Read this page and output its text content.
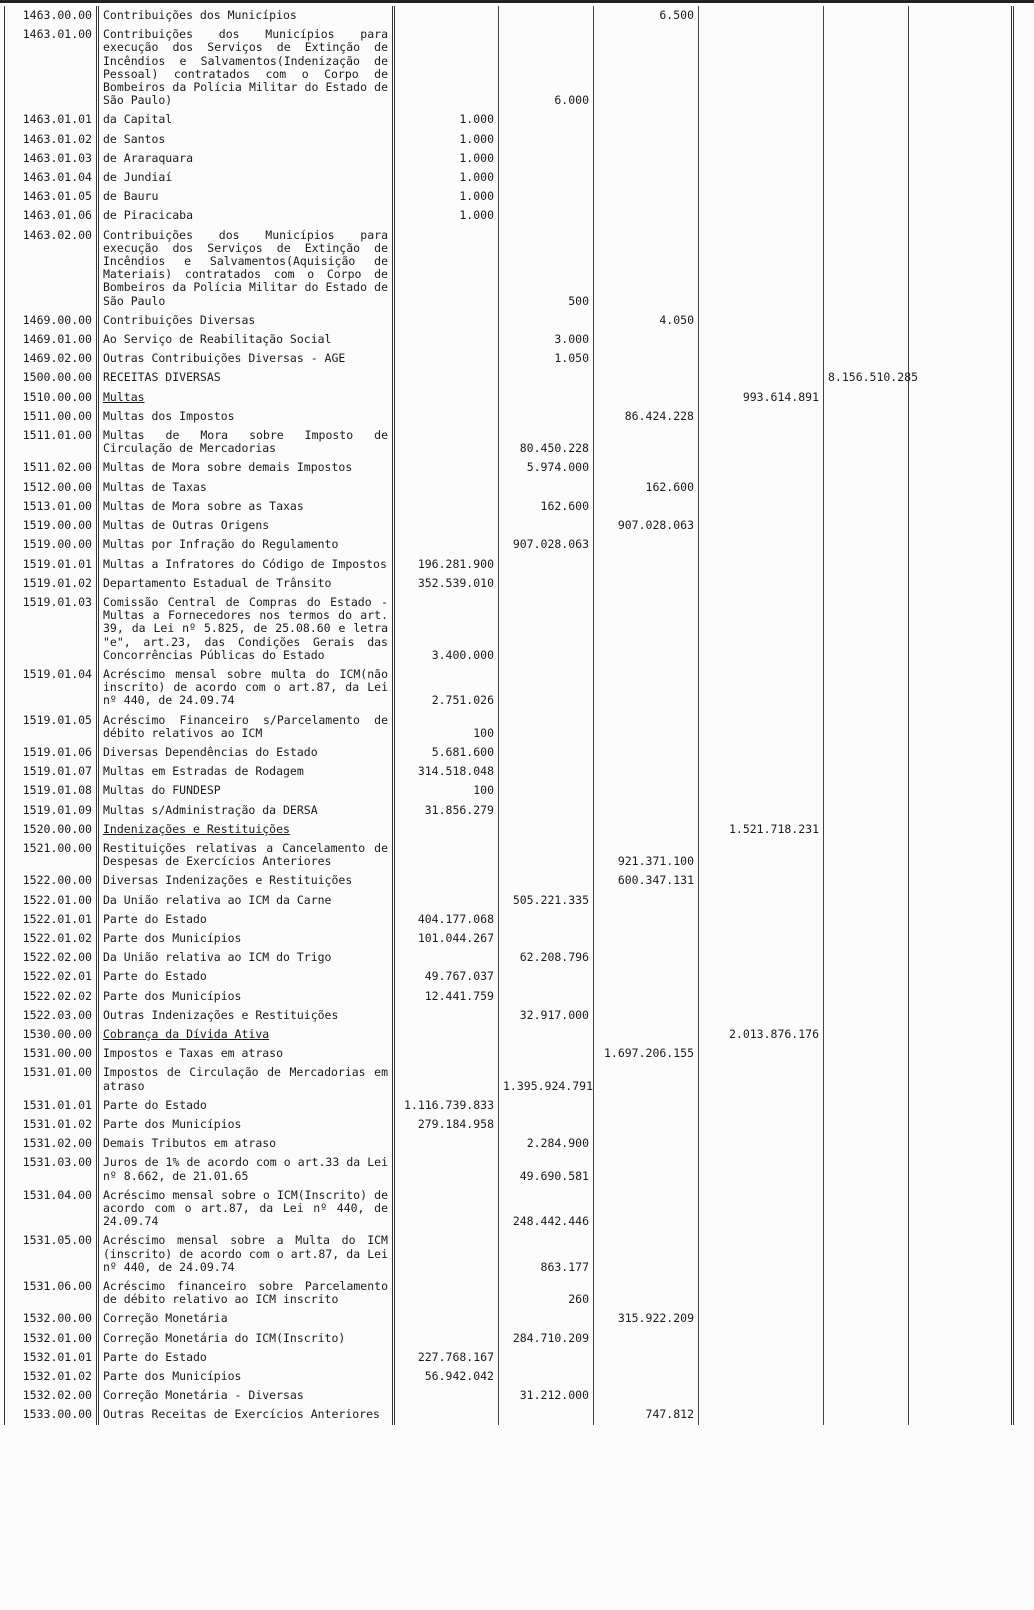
1463.00.00	Contribuições dos Municípios			6.500			
1463.01.00	Contribuições dos Municípios para execução dos Serviços de Extinção de Incêndios e Salvamentos(Indenização de Pessoal) contratados com o Corpo de Bombeiros da Polícia Militar do Estado de São Paulo)		6.000				
1463.01.01	da Capital	1.000					
1463.01.02	de Santos	1.000					
1463.01.03	de Araraquara	1.000					
1463.01.04	de Jundiaí	1.000					
1463.01.05	de Bauru	1.000					
1463.01.06	de Piracicaba	1.000					
1463.02.00	Contribuições dos Municípios para execução dos Serviços de Extinção de Incêndios e Salvamentos(Aquisição de Materiais) contratados com o Corpo de Bombeiros da Polícia Militar do Estado de São Paulo		500				
1469.00.00	Contribuições Diversas			4.050			
1469.01.00	Ao Serviço de Reabilitação Social		3.000				
1469.02.00	Outras Contribuições Diversas - AGE		1.050				
1500.00.00	RECEITAS DIVERSAS					8.156.510.285	
1510.00.00	Multas				993.614.891		
1511.00.00	Multas dos Impostos			86.424.228			
1511.01.00	Multas de Mora sobre Imposto de Circulação de Mercadorias		80.450.228				
1511.02.00	Multas de Mora sobre demais Impostos		5.974.000				
1512.00.00	Multas de Taxas			162.600			
1513.01.00	Multas de Mora sobre as Taxas		162.600				
1519.00.00	Multas de Outras Origens			907.028.063			
1519.00.00	Multas por Infração do Regulamento		907.028.063				
1519.01.01	Multas a Infratores do Código de Impostos	196.281.900					
1519.01.02	Departamento Estadual de Trânsito	352.539.010					
1519.01.03	Comissão Central de Compras do Estado - Multas a Fornecedores nos termos do art. 39, da Lei nº 5.825, de 25.08.60 e letra "e", art.23, das Condições Gerais das Concorrências Públicas do Estado	3.400.000					
1519.01.04	Acréscimo mensal sobre multa do ICM(não inscrito) de acordo com o art.87, da Lei nº 440, de 24.09.74	2.751.026					
1519.01.05	Acréscimo Financeiro s/Parcelamento de débito relativos ao ICM	100					
1519.01.06	Diversas Dependências do Estado	5.681.600					
1519.01.07	Multas em Estradas de Rodagem	314.518.048					
1519.01.08	Multas do FUNDESP	100					
1519.01.09	Multas s/Administração da DERSA	31.856.279					
1520.00.00	Indenizações e Restituições				1.521.718.231		
1521.00.00	Restituições relativas a Cancelamento de Despesas de Exercícios Anteriores			921.371.100			
1522.00.00	Diversas Indenizações e Restituições			600.347.131			
1522.01.00	Da União relativa ao ICM da Carne		505.221.335				
1522.01.01	Parte do Estado	404.177.068					
1522.01.02	Parte dos Municípios	101.044.267					
1522.02.00	Da União relativa ao ICM do Trigo		62.208.796				
1522.02.01	Parte do Estado	49.767.037					
1522.02.02	Parte dos Municípios	12.441.759					
1522.03.00	Outras Indenizações e Restituições		32.917.000				
1530.00.00	Cobrança da Dívida Ativa				2.013.876.176		
1531.00.00	Impostos e Taxas em atraso			1.697.206.155			
1531.01.00	Impostos de Circulação de Mercadorias em atraso		1.395.924.791				
1531.01.01	Parte do Estado	1.116.739.833					
1531.01.02	Parte dos Municípios	279.184.958					
1531.02.00	Demais Tributos em atraso		2.284.900				
1531.03.00	Juros de 1% de acordo com o art.33 da Lei nº 8.662, de 21.01.65		49.690.581				
1531.04.00	Acréscimo mensal sobre o ICM(Inscrito) de acordo com o art.87, da Lei nº 440, de 24.09.74		248.442.446				
1531.05.00	Acréscimo mensal sobre a Multa do ICM (inscrito) de acordo com o art.87, da Lei nº 440, de 24.09.74		863.177				
1531.06.00	Acréscimo financeiro sobre Parcelamento de débito relativo ao ICM inscrito		260				
1532.00.00	Correção Monetária			315.922.209			
1532.01.00	Correção Monetária do ICM(Inscrito)		284.710.209				
1532.01.01	Parte do Estado	227.768.167					
1532.01.02	Parte dos Municípios	56.942.042					
1532.02.00	Correção Monetária - Diversas		31.212.000				
1533.00.00	Outras Receitas de Exercícios Anteriores			747.812			
